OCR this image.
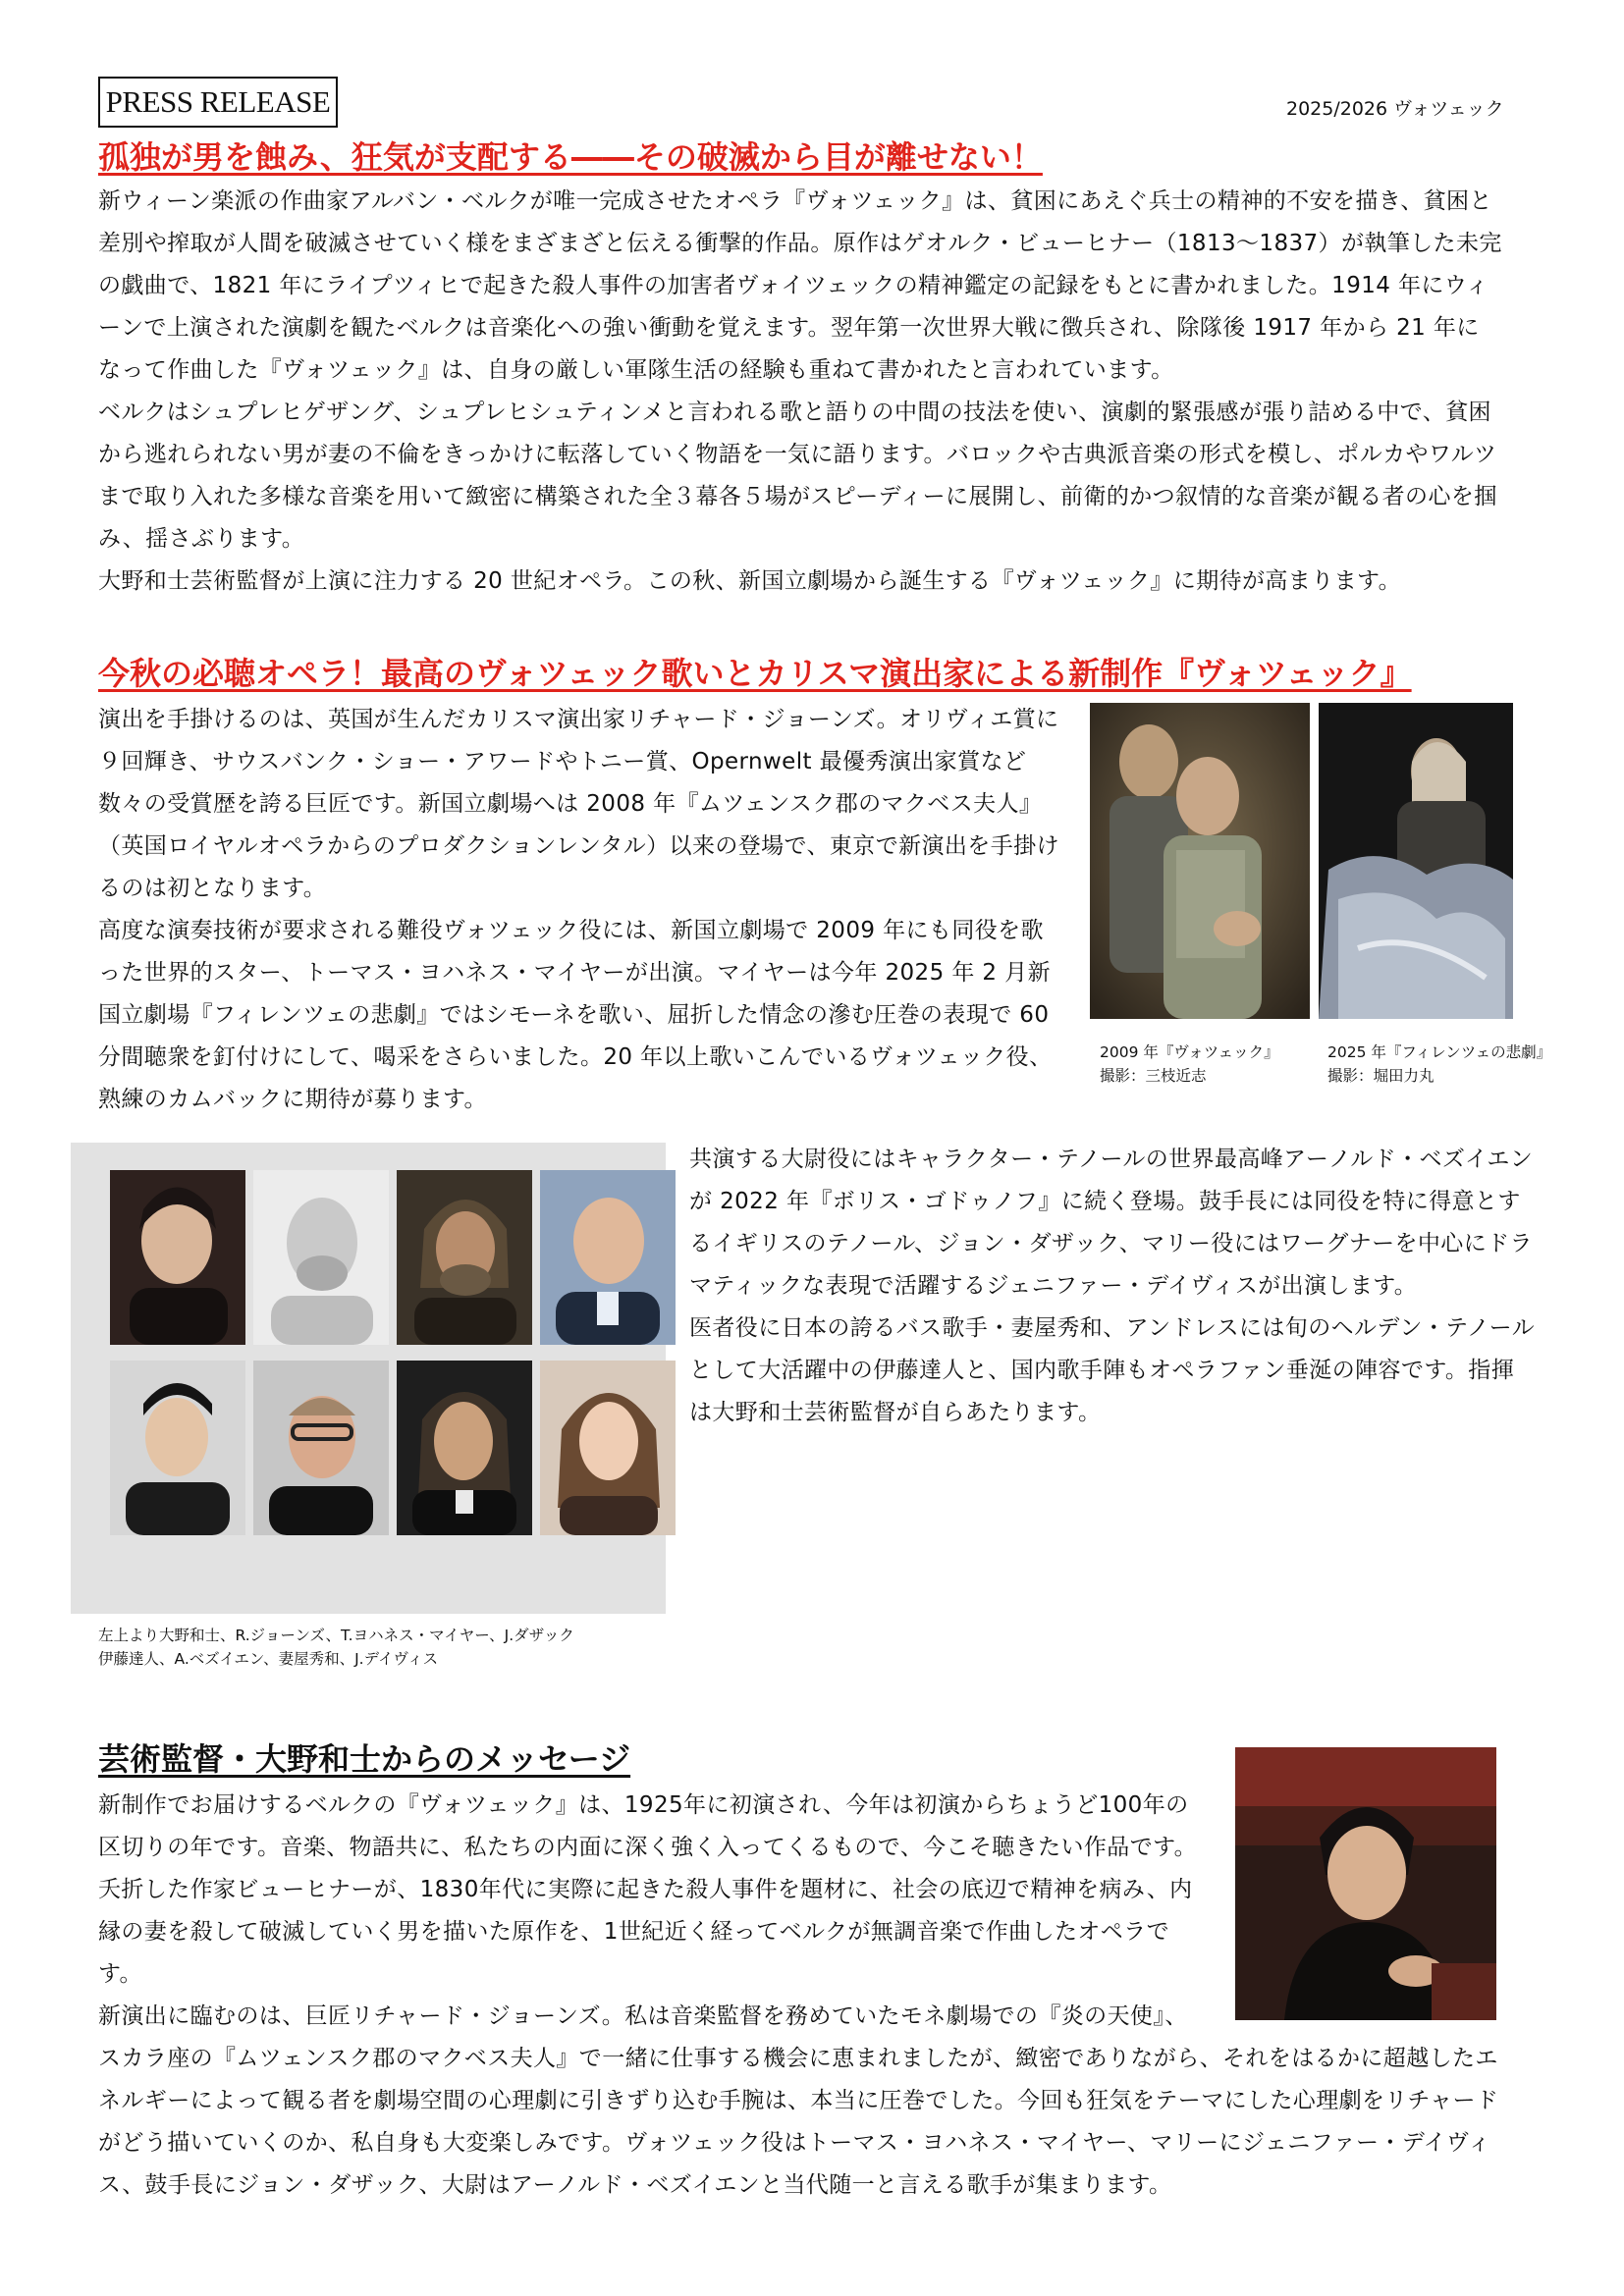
PRESS RELEASE	2025/2026 ヴォツェック
孤独が男を蝕み、狂気が支配する――その破滅から目が離せない！

新ウィーン楽派の作曲家アルバン・ベルクが唯一完成させたオペラ『ヴォツェック』は、貧困にあえぐ兵士の精神的不安を描き、貧困と差別や搾取が人間を破滅させていく様をまざまざと伝える衝撃的作品。原作はゲオルク・ビューヒナー（1813～1837）が執筆した未完の戯曲で、1821 年にライプツィヒで起きた殺人事件の加害者ヴォイツェックの精神鑑定の記録をもとに書かれました。1914 年にウィーンで上演された演劇を観たベルクは音楽化への強い衝動を覚えます。翌年第一次世界大戦に徴兵され、除隊後 1917 年から 21 年になって作曲した『ヴォツェック』は、自身の厳しい軍隊生活の経験も重ねて書かれたと言われています。

ベルクはシュプレヒゲザング、シュプレヒシュティンメと言われる歌と語りの中間の技法を使い、演劇的緊張感が張り詰める中で、貧困から逃れられない男が妻の不倫をきっかけに転落していく物語を一気に語ります。バロックや古典派音楽の形式を模し、ポルカやワルツまで取り入れた多様な音楽を用いて緻密に構築された全３幕各５場がスピーディーに展開し、前衛的かつ叙情的な音楽が観る者の心を掴み、揺さぶります。

大野和士芸術監督が上演に注力する 20 世紀オペラ。この秋、新国立劇場から誕生する『ヴォツェック』に期待が高まります。

今秋の必聴オペラ！最高のヴォツェック歌いとカリスマ演出家による新制作『ヴォツェック』

演出を手掛けるのは、英国が生んだカリスマ演出家リチャード・ジョーンズ。オリヴィエ賞に９回輝き、サウスバンク・ショー・アワードやトニー賞、Opernwelt 最優秀演出家賞など数々の受賞歴を誇る巨匠です。新国立劇場へは 2008 年『ムツェンスク郡のマクベス夫人』（英国ロイヤルオペラからのプロダクションレンタル）以来の登場で、東京で新演出を手掛けるのは初となります。

高度な演奏技術が要求される難役ヴォツェック役には、新国立劇場で 2009 年にも同役を歌った世界的スター、トーマス・ヨハネス・マイヤーが出演。マイヤーは今年 2025 年 2 月新国立劇場『フィレンツェの悲劇』ではシモーネを歌い、屈折した情念の滲む圧巻の表現で 60 分間聴衆を釘付けにして、喝采をさらいました。20 年以上歌いこんでいるヴォツェック役、熟練のカムバックに期待が募ります。

2009 年『ヴォツェック』
撮影：三枝近志
2025 年『フィレンツェの悲劇』
撮影：堀田力丸
左上より大野和士、R.ジョーンズ、T.ヨハネス・マイヤー、J.ダザック
伊藤達人、A.ベズイエン、妻屋秀和、J.デイヴィス

共演する大尉役にはキャラクター・テノールの世界最高峰アーノルド・ベズイエンが 2022 年『ボリス・ゴドゥノフ』に続く登場。鼓手長には同役を特に得意とするイギリスのテノール、ジョン・ダザック、マリー役にはワーグナーを中心にドラマティックな表現で活躍するジェニファー・デイヴィスが出演します。

医者役に日本の誇るバス歌手・妻屋秀和、アンドレスには旬のヘルデン・テノールとして大活躍中の伊藤達人と、国内歌手陣もオペラファン垂涎の陣容です。指揮は大野和士芸術監督が自らあたります。

芸術監督・大野和士からのメッセージ

新制作でお届けするベルクの『ヴォツェック』は、1925年に初演され、今年は初演からちょうど100年の区切りの年です。音楽、物語共に、私たちの内面に深く強く入ってくるもので、今こそ聴きたい作品です。夭折した作家ビューヒナーが、1830年代に実際に起きた殺人事件を題材に、社会の底辺で精神を病み、内縁の妻を殺して破滅していく男を描いた原作を、1世紀近く経ってベルクが無調音楽で作曲したオペラです。

新演出に臨むのは、巨匠リチャード・ジョーンズ。私は音楽監督を務めていたモネ劇場での『炎の天使』、

スカラ座の『ムツェンスク郡のマクベス夫人』で一緒に仕事する機会に恵まれましたが、緻密でありながら、それをはるかに超越したエネルギーによって観る者を劇場空間の心理劇に引きずり込む手腕は、本当に圧巻でした。今回も狂気をテーマにした心理劇をリチャードがどう描いていくのか、私自身も大変楽しみです。ヴォツェック役はトーマス・ヨハネス・マイヤー、マリーにジェニファー・デイヴィス、鼓手長にジョン・ダザック、大尉はアーノルド・ベズイエンと当代随一と言える歌手が集まります。
